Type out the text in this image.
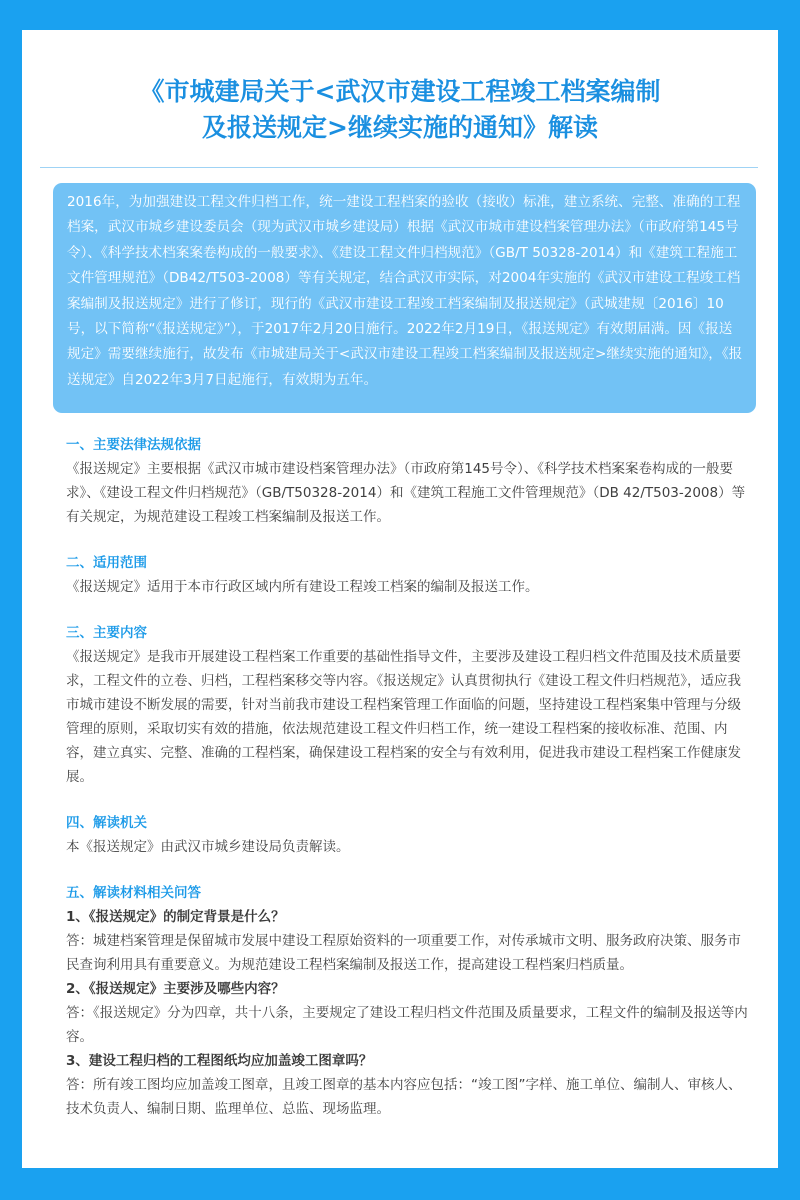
《市城建局关于<武汉市建设工程竣工档案编制
及报送规定>继续实施的通知》解读

2016年，为加强建设工程文件归档工作，统一建设工程档案的验收（接收）标准，建立系统、完整、准确的工程档案，武汉市城乡建设委员会（现为武汉市城乡建设局）根据《武汉市城市建设档案管理办法》（市政府第145号令）、《科学技术档案案卷构成的一般要求》、《建设工程文件归档规范》（GB/T 50328-2014）和《建筑工程施工文件管理规范》（DB42/T503-2008）等有关规定，结合武汉市实际，对2004年实施的《武汉市建设工程竣工档案编制及报送规定》进行了修订，现行的《武汉市建设工程竣工档案编制及报送规定》（武城建规〔2016〕10号，以下简称“《报送规定》”），于2017年2月20日施行。2022年2月19日，《报送规定》有效期届满。因《报送规定》需要继续施行，故发布《市城建局关于<武汉市建设工程竣工档案编制及报送规定>继续实施的通知》，《报送规定》自2022年3月7日起施行，有效期为五年。

一、主要法律法规依据

《报送规定》主要根据《武汉市城市建设档案管理办法》（市政府第145号令）、《科学技术档案案卷构成的一般要求》、《建设工程文件归档规范》（GB/T50328-2014）和《建筑工程施工文件管理规范》（DB 42/T503-2008）等有关规定，为规范建设工程竣工档案编制及报送工作。

二、适用范围

《报送规定》适用于本市行政区域内所有建设工程竣工档案的编制及报送工作。

三、主要内容

《报送规定》是我市开展建设工程档案工作重要的基础性指导文件，主要涉及建设工程归档文件范围及技术质量要求，工程文件的立卷、归档，工程档案移交等内容。《报送规定》认真贯彻执行《建设工程文件归档规范》，适应我市城市建设不断发展的需要，针对当前我市建设工程档案管理工作面临的问题，坚持建设工程档案集中管理与分级管理的原则，采取切实有效的措施，依法规范建设工程文件归档工作，统一建设工程档案的接收标准、范围、内容，建立真实、完整、准确的工程档案，确保建设工程档案的安全与有效利用，促进我市建设工程档案工作健康发展。

四、解读机关

本《报送规定》由武汉市城乡建设局负责解读。

五、解读材料相关问答

1、《报送规定》的制定背景是什么？

答：城建档案管理是保留城市发展中建设工程原始资料的一项重要工作，对传承城市文明、服务政府决策、服务市民查询利用具有重要意义。为规范建设工程档案编制及报送工作，提高建设工程档案归档质量。

2、《报送规定》主要涉及哪些内容？

答：《报送规定》分为四章，共十八条，主要规定了建设工程归档文件范围及质量要求，工程文件的编制及报送等内容。

3、建设工程归档的工程图纸均应加盖竣工图章吗？

答：所有竣工图均应加盖竣工图章，且竣工图章的基本内容应包括：“竣工图”字样、施工单位、编制人、审核人、技术负责人、编制日期、监理单位、总监、现场监理。
